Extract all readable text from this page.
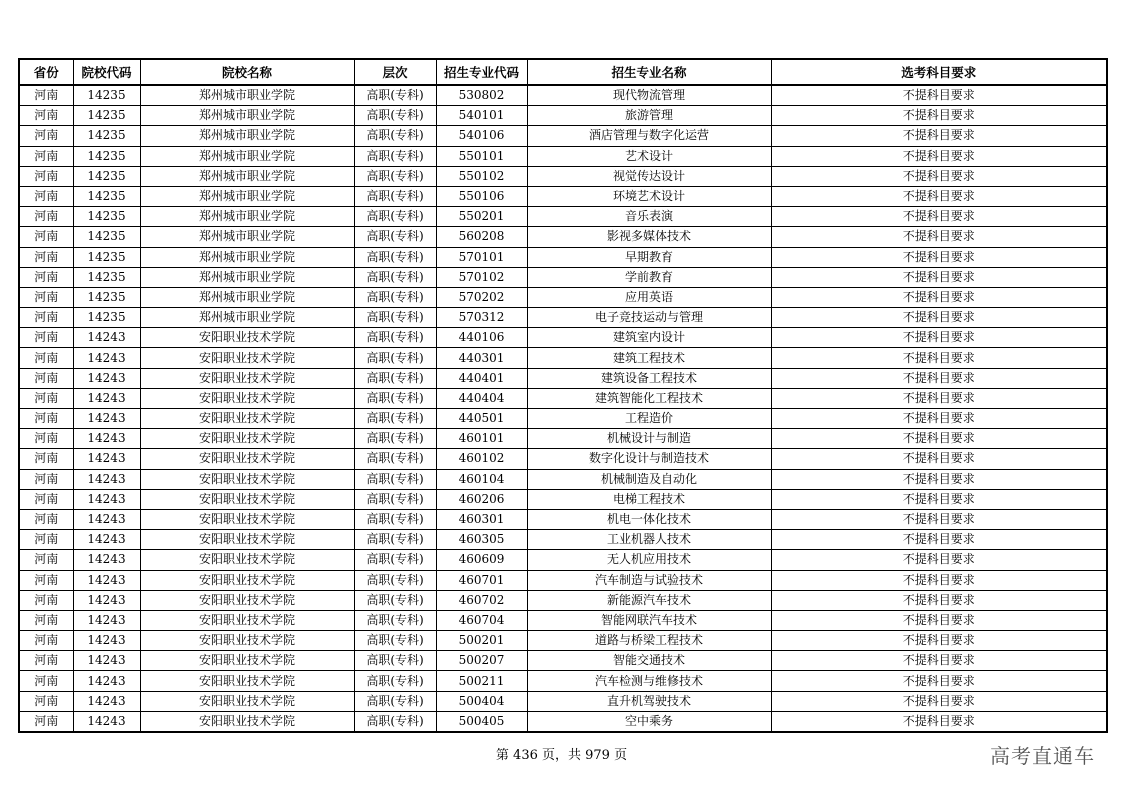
省份	院校代码	院校名称	层次	招生专业代码	招生专业名称	选考科目要求
河南	14235	郑州城市职业学院	高职(专科)	530802	现代物流管理	不提科目要求
河南	14235	郑州城市职业学院	高职(专科)	540101	旅游管理	不提科目要求
河南	14235	郑州城市职业学院	高职(专科)	540106	酒店管理与数字化运营	不提科目要求
河南	14235	郑州城市职业学院	高职(专科)	550101	艺术设计	不提科目要求
河南	14235	郑州城市职业学院	高职(专科)	550102	视觉传达设计	不提科目要求
河南	14235	郑州城市职业学院	高职(专科)	550106	环境艺术设计	不提科目要求
河南	14235	郑州城市职业学院	高职(专科)	550201	音乐表演	不提科目要求
河南	14235	郑州城市职业学院	高职(专科)	560208	影视多媒体技术	不提科目要求
河南	14235	郑州城市职业学院	高职(专科)	570101	早期教育	不提科目要求
河南	14235	郑州城市职业学院	高职(专科)	570102	学前教育	不提科目要求
河南	14235	郑州城市职业学院	高职(专科)	570202	应用英语	不提科目要求
河南	14235	郑州城市职业学院	高职(专科)	570312	电子竞技运动与管理	不提科目要求
河南	14243	安阳职业技术学院	高职(专科)	440106	建筑室内设计	不提科目要求
河南	14243	安阳职业技术学院	高职(专科)	440301	建筑工程技术	不提科目要求
河南	14243	安阳职业技术学院	高职(专科)	440401	建筑设备工程技术	不提科目要求
河南	14243	安阳职业技术学院	高职(专科)	440404	建筑智能化工程技术	不提科目要求
河南	14243	安阳职业技术学院	高职(专科)	440501	工程造价	不提科目要求
河南	14243	安阳职业技术学院	高职(专科)	460101	机械设计与制造	不提科目要求
河南	14243	安阳职业技术学院	高职(专科)	460102	数字化设计与制造技术	不提科目要求
河南	14243	安阳职业技术学院	高职(专科)	460104	机械制造及自动化	不提科目要求
河南	14243	安阳职业技术学院	高职(专科)	460206	电梯工程技术	不提科目要求
河南	14243	安阳职业技术学院	高职(专科)	460301	机电一体化技术	不提科目要求
河南	14243	安阳职业技术学院	高职(专科)	460305	工业机器人技术	不提科目要求
河南	14243	安阳职业技术学院	高职(专科)	460609	无人机应用技术	不提科目要求
河南	14243	安阳职业技术学院	高职(专科)	460701	汽车制造与试验技术	不提科目要求
河南	14243	安阳职业技术学院	高职(专科)	460702	新能源汽车技术	不提科目要求
河南	14243	安阳职业技术学院	高职(专科)	460704	智能网联汽车技术	不提科目要求
河南	14243	安阳职业技术学院	高职(专科)	500201	道路与桥梁工程技术	不提科目要求
河南	14243	安阳职业技术学院	高职(专科)	500207	智能交通技术	不提科目要求
河南	14243	安阳职业技术学院	高职(专科)	500211	汽车检测与维修技术	不提科目要求
河南	14243	安阳职业技术学院	高职(专科)	500404	直升机驾驶技术	不提科目要求
河南	14243	安阳职业技术学院	高职(专科)	500405	空中乘务	不提科目要求
第 436 页，共 979 页	高考直通车
